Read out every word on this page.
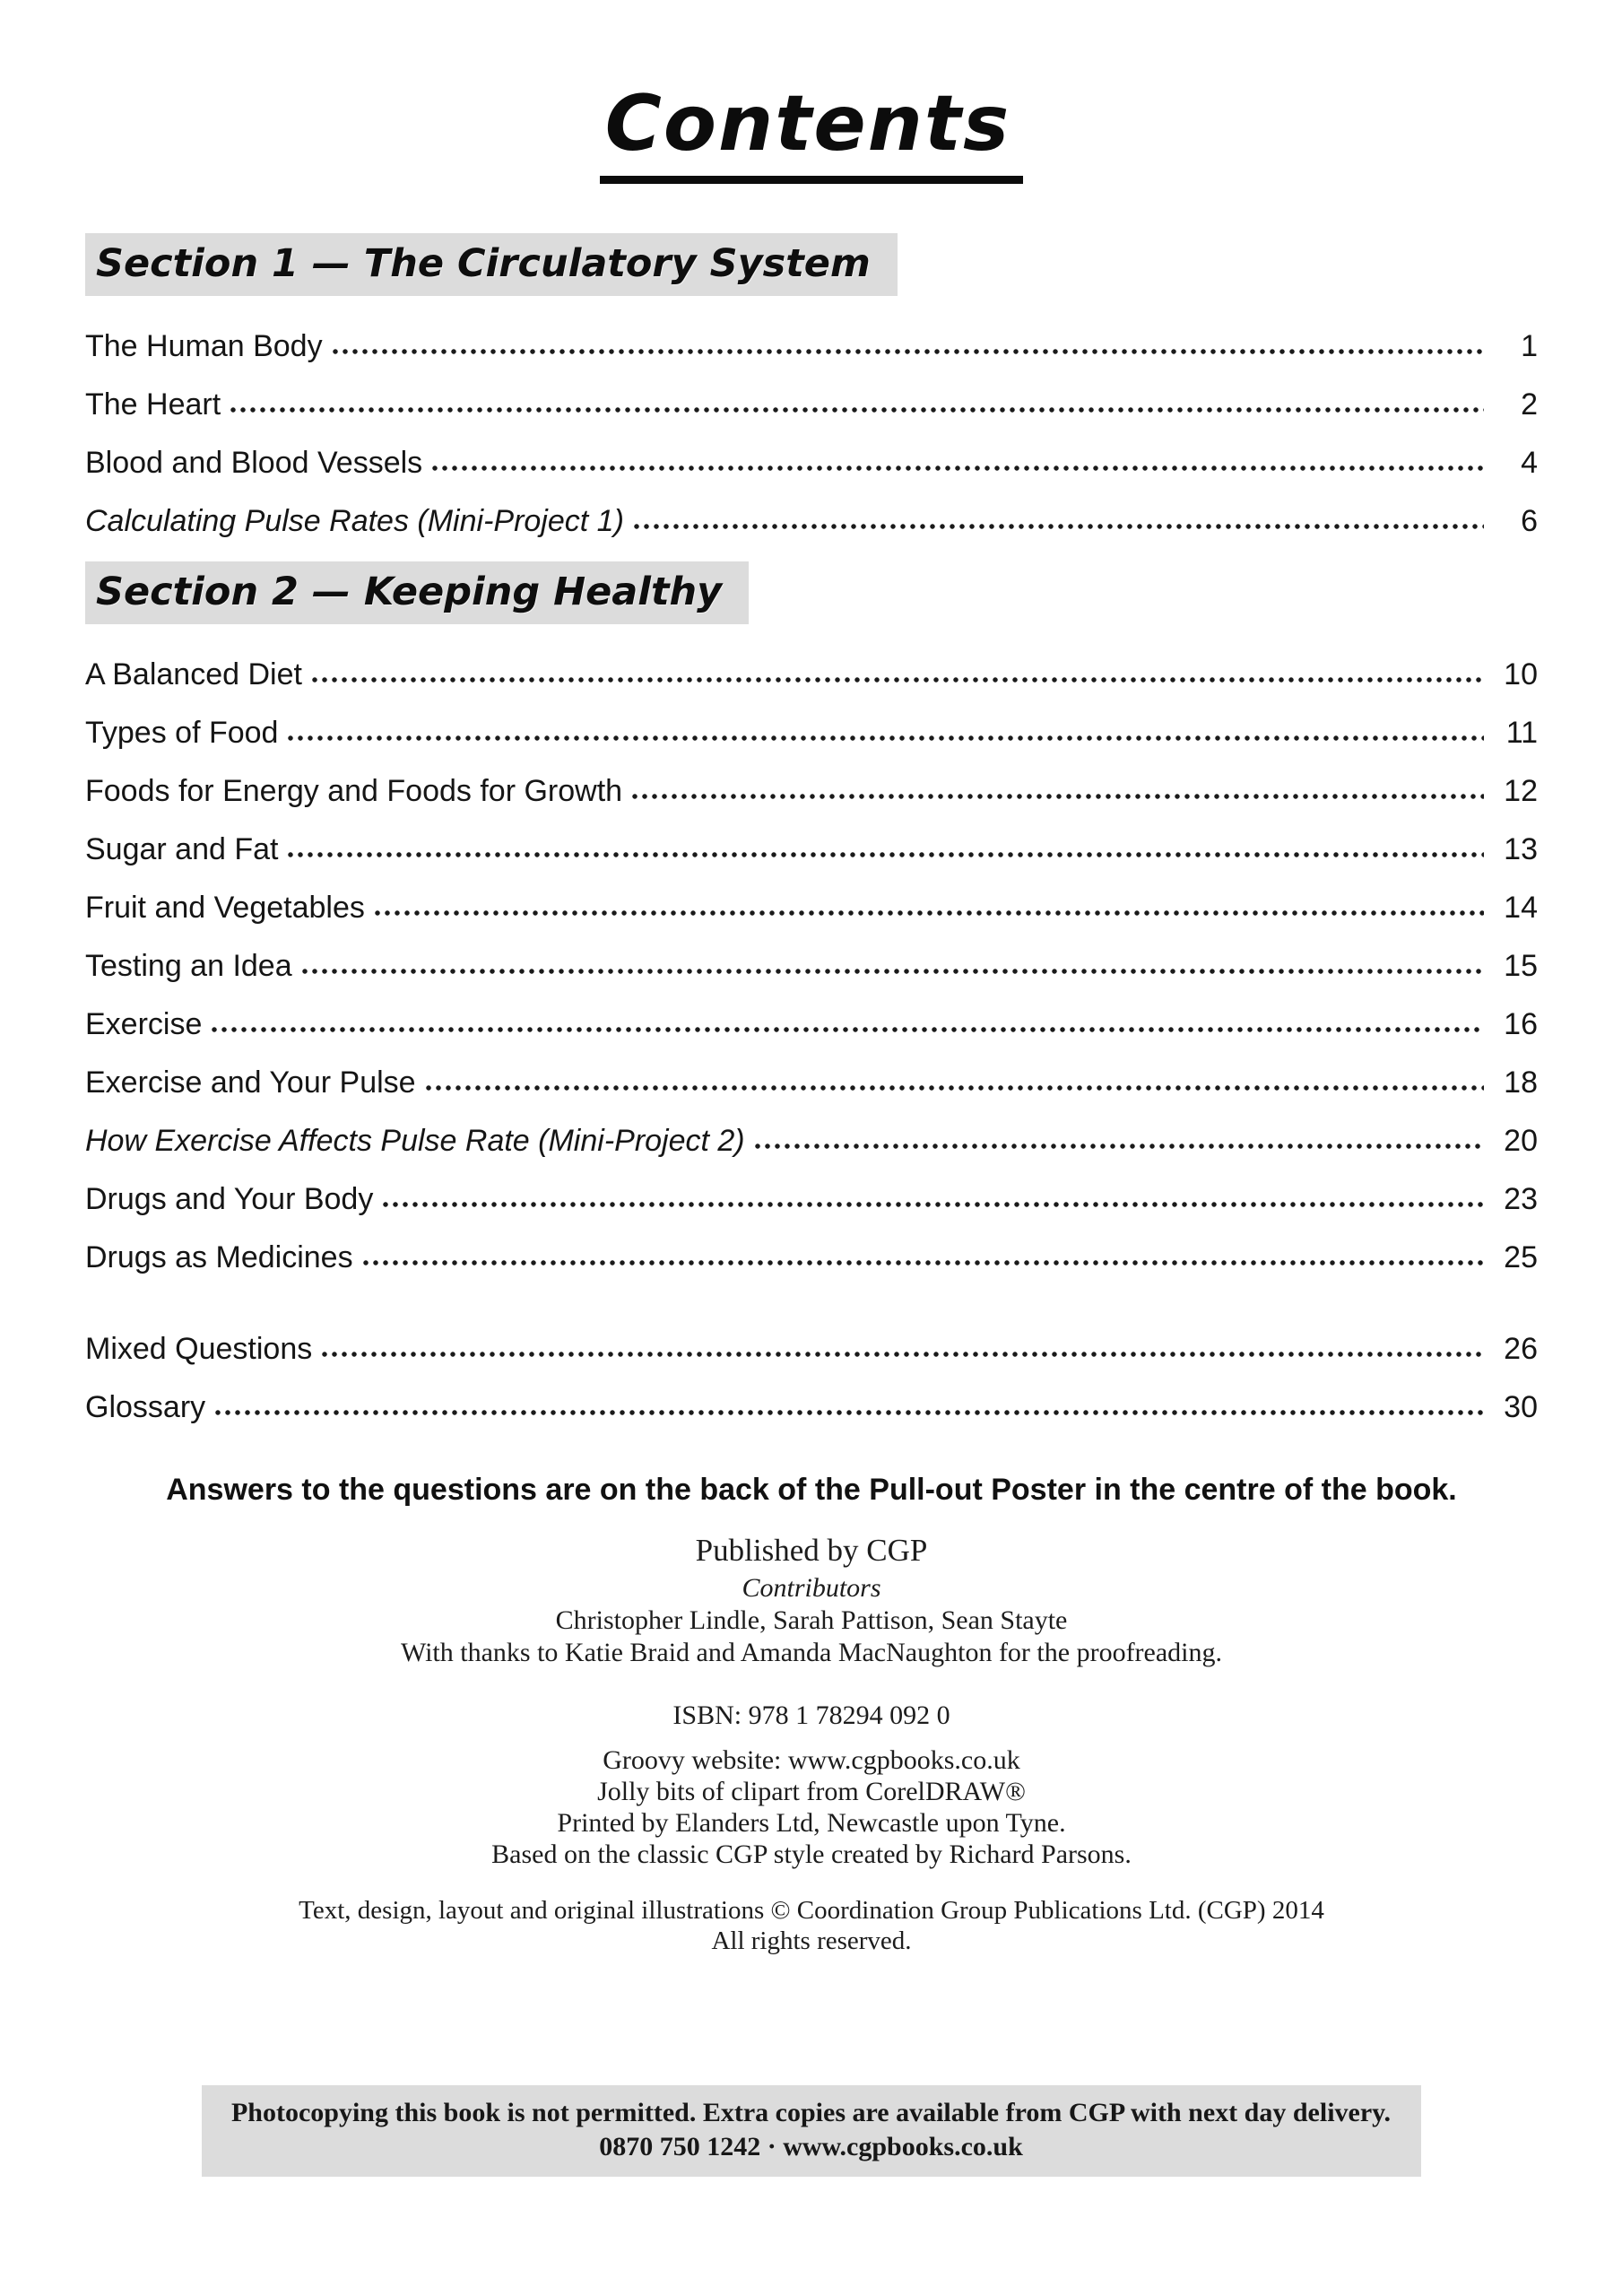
Contents
Section 1 — The Circulatory System
The Human Body	1
The Heart	2
Blood and Blood Vessels	4
Calculating Pulse Rates (Mini-Project 1)	6
Section 2 — Keeping Healthy
A Balanced Diet	10
Types of Food	11
Foods for Energy and Foods for Growth	12
Sugar and Fat	13
Fruit and Vegetables	14
Testing an Idea	15
Exercise	16
Exercise and Your Pulse	18
How Exercise Affects Pulse Rate (Mini-Project 2)	20
Drugs and Your Body	23
Drugs as Medicines	25
Mixed Questions	26
Glossary	30

Answers to the questions are on the back of the Pull-out Poster in the centre of the book.

Published by CGP
Contributors
Christopher Lindle, Sarah Pattison, Sean Stayte
With thanks to Katie Braid and Amanda MacNaughton for the proofreading.
ISBN: 978 1 78294 092 0
Groovy website: www.cgpbooks.co.uk
Jolly bits of clipart from CorelDRAW®
Printed by Elanders Ltd, Newcastle upon Tyne.
Based on the classic CGP style created by Richard Parsons.
Text, design, layout and original illustrations © Coordination Group Publications Ltd. (CGP) 2014
All rights reserved.
Photocopying this book is not permitted. Extra copies are available from CGP with next day delivery.
0870 750 1242 · www.cgpbooks.co.uk
